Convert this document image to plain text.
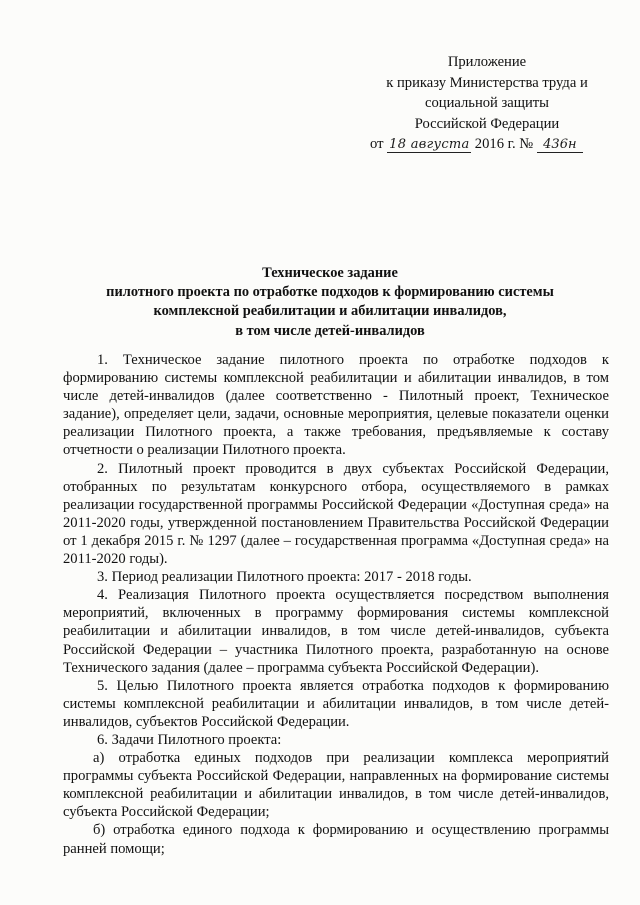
Приложение
к приказу Министерства труда и
социальной защиты
Российской Федерации
от 18 августа 2016 г. № 436н
Техническое задание
пилотного проекта по отработке подходов к формированию системы
комплексной реабилитации и абилитации инвалидов,
в том числе детей-инвалидов

1. Техническое задание пилотного проекта по отработке подходов к формированию системы комплексной реабилитации и абилитации инвалидов, в том числе детей-инвалидов (далее соответственно - Пилотный проект, Техническое задание), определяет цели, задачи, основные мероприятия, целевые показатели оценки реализации Пилотного проекта, а также требования, предъявляемые к составу отчетности о реализации Пилотного проекта.

2. Пилотный проект проводится в двух субъектах Российской Федерации, отобранных по результатам конкурсного отбора, осуществляемого в рамках реализации государственной программы Российской Федерации «Доступная среда» на 2011-2020 годы, утвержденной постановлением Правительства Российской Федерации от 1 декабря 2015 г. № 1297 (далее – государственная программа «Доступная среда» на 2011-2020 годы).

3. Период реализации Пилотного проекта: 2017 - 2018 годы.

4. Реализация Пилотного проекта осуществляется посредством выполнения мероприятий, включенных в программу формирования системы комплексной реабилитации и абилитации инвалидов, в том числе детей-инвалидов, субъекта Российской Федерации – участника Пилотного проекта, разработанную на основе Технического задания (далее – программа субъекта Российской Федерации).

5. Целью Пилотного проекта является отработка подходов к формированию системы комплексной реабилитации и абилитации инвалидов, в том числе детей-инвалидов, субъектов Российской Федерации.

6. Задачи Пилотного проекта:

а) отработка единых подходов при реализации комплекса мероприятий программы субъекта Российской Федерации, направленных на формирование системы комплексной реабилитации и абилитации инвалидов, в том числе детей-инвалидов, субъекта Российской Федерации;

б) отработка единого подхода к формированию и осуществлению программы ранней помощи;
